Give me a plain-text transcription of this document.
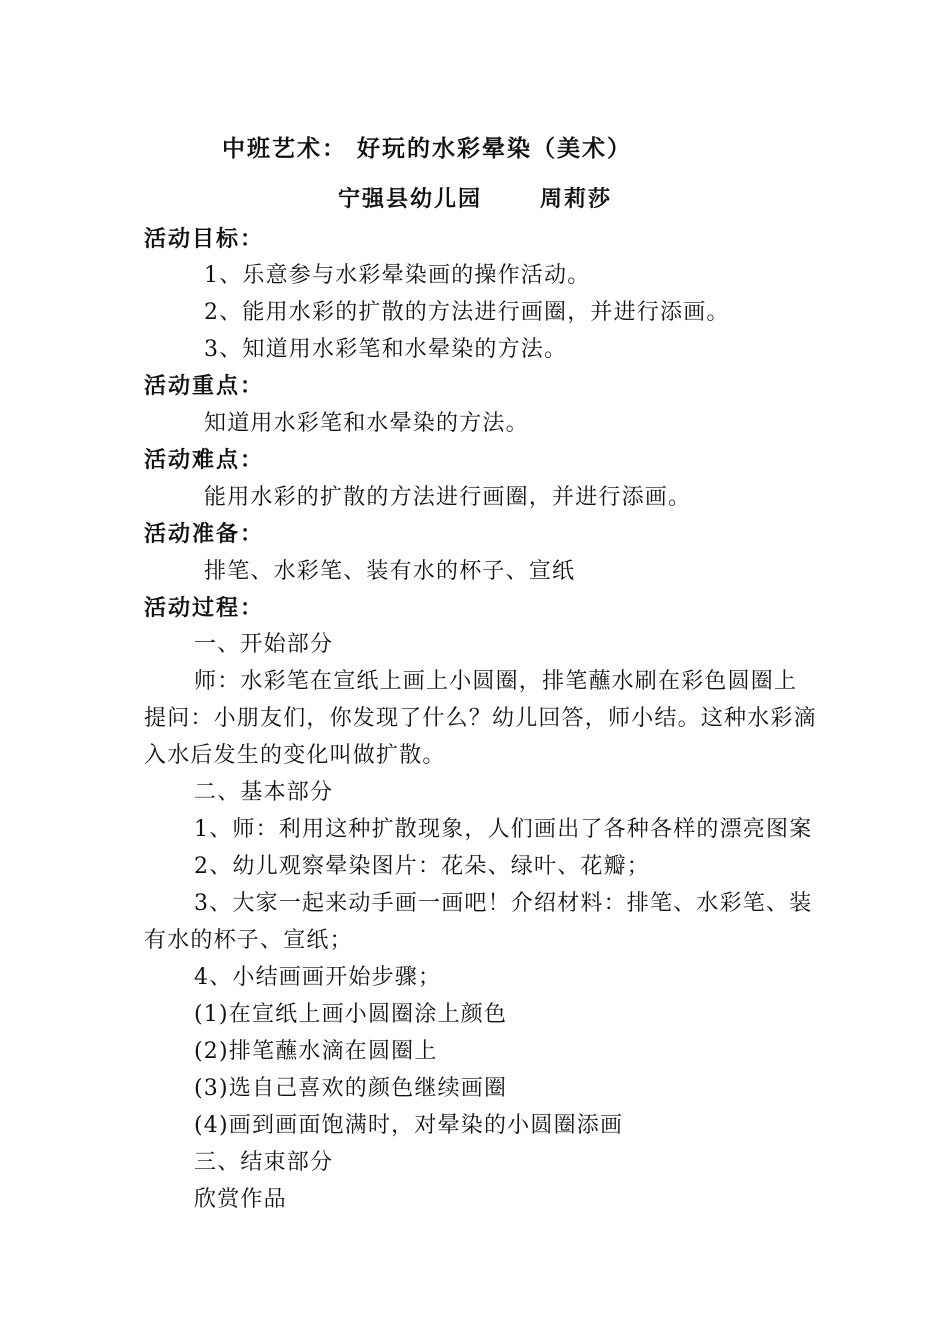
中班艺术： 好玩的水彩晕染（美术）
宁强县幼儿园	周莉莎
活动目标：
1、乐意参与水彩晕染画的操作活动。
2、能用水彩的扩散的方法进行画圈，并进行添画。
3、知道用水彩笔和水晕染的方法。
活动重点：
知道用水彩笔和水晕染的方法。
活动难点：
能用水彩的扩散的方法进行画圈，并进行添画。
活动准备：
排笔、水彩笔、装有水的杯子、宣纸
活动过程：
一、开始部分
师：水彩笔在宣纸上画上小圆圈，排笔蘸水刷在彩色圆圈上
提问：小朋友们，你发现了什么？幼儿回答，师小结。这种水彩滴
入水后发生的变化叫做扩散。
二、基本部分
1、师：利用这种扩散现象，人们画出了各种各样的漂亮图案
2、幼儿观察晕染图片：花朵、绿叶、花瓣；
3、大家一起来动手画一画吧！介绍材料：排笔、水彩笔、装
有水的杯子、宣纸；
4、小结画画开始步骤；
(1)在宣纸上画小圆圈涂上颜色
(2)排笔蘸水滴在圆圈上
(3)选自己喜欢的颜色继续画圈
(4)画到画面饱满时，对晕染的小圆圈添画
三、结束部分
欣赏作品
